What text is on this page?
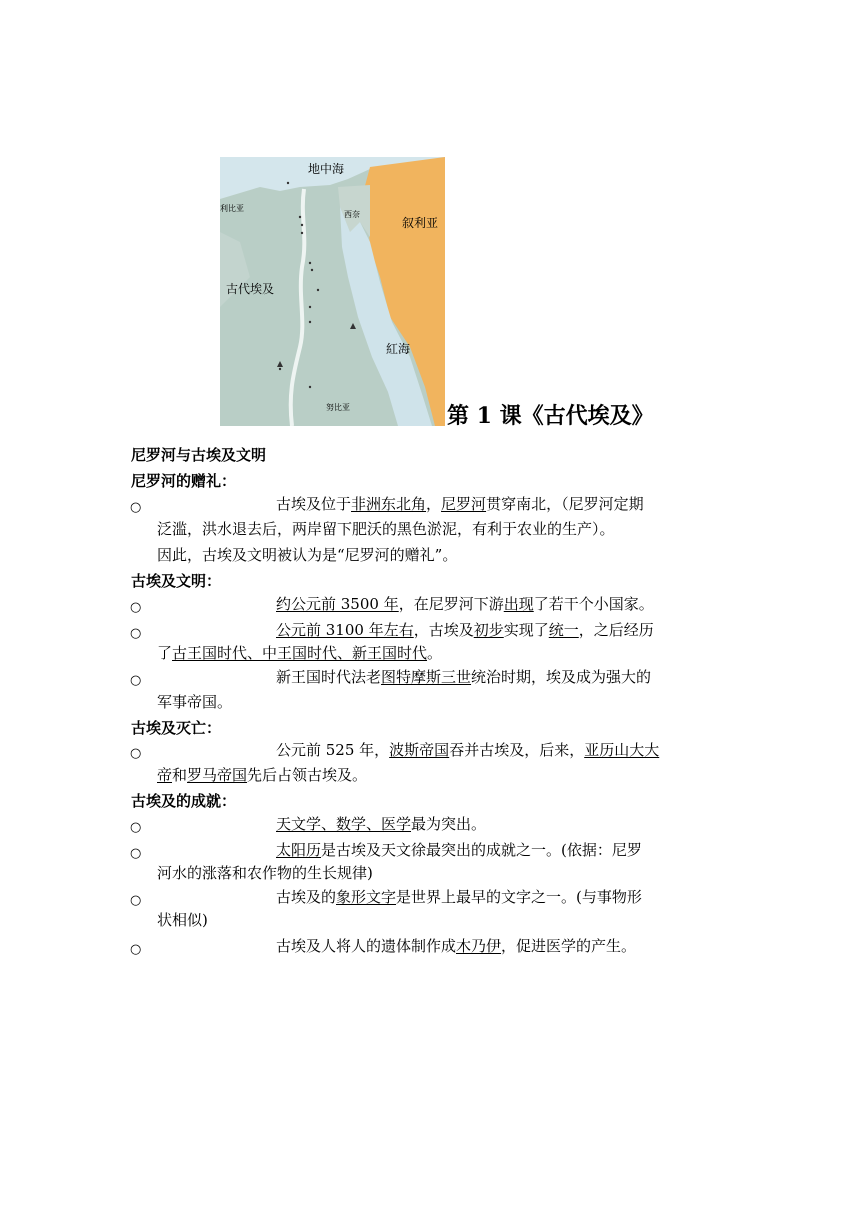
地中海
利比亚
西奈
叙利亚
古代埃及
紅海
努比亚	第 1 课《古代埃及》
尼罗河与古埃及文明
尼罗河的赠礼：
○	古埃及位于非洲东北角，尼罗河贯穿南北，（尼罗河定期
泛滥，洪水退去后，两岸留下肥沃的黑色淤泥，有利于农业的生产）。
因此，古埃及文明被认为是“尼罗河的赠礼”。
古埃及文明：
○	约公元前 3500 年，在尼罗河下游出现了若干个小国家。
○	公元前 3100 年左右，古埃及初步实现了统一，之后经历
了古王国时代、中王国时代、新王国时代。
○	新王国时代法老图特摩斯三世统治时期，埃及成为强大的
军事帝国。
古埃及灭亡：
○	公元前 525 年，波斯帝国吞并古埃及，后来，亚历山大大
帝和罗马帝国先后占领古埃及。
古埃及的成就：
○	天文学、数学、医学最为突出。
○	太阳历是古埃及天文徐最突出的成就之一。(依据：尼罗
河水的涨落和农作物的生长规律)
○	古埃及的象形文字是世界上最早的文字之一。(与事物形
状相似)
○	古埃及人将人的遗体制作成木乃伊，促进医学的产生。
